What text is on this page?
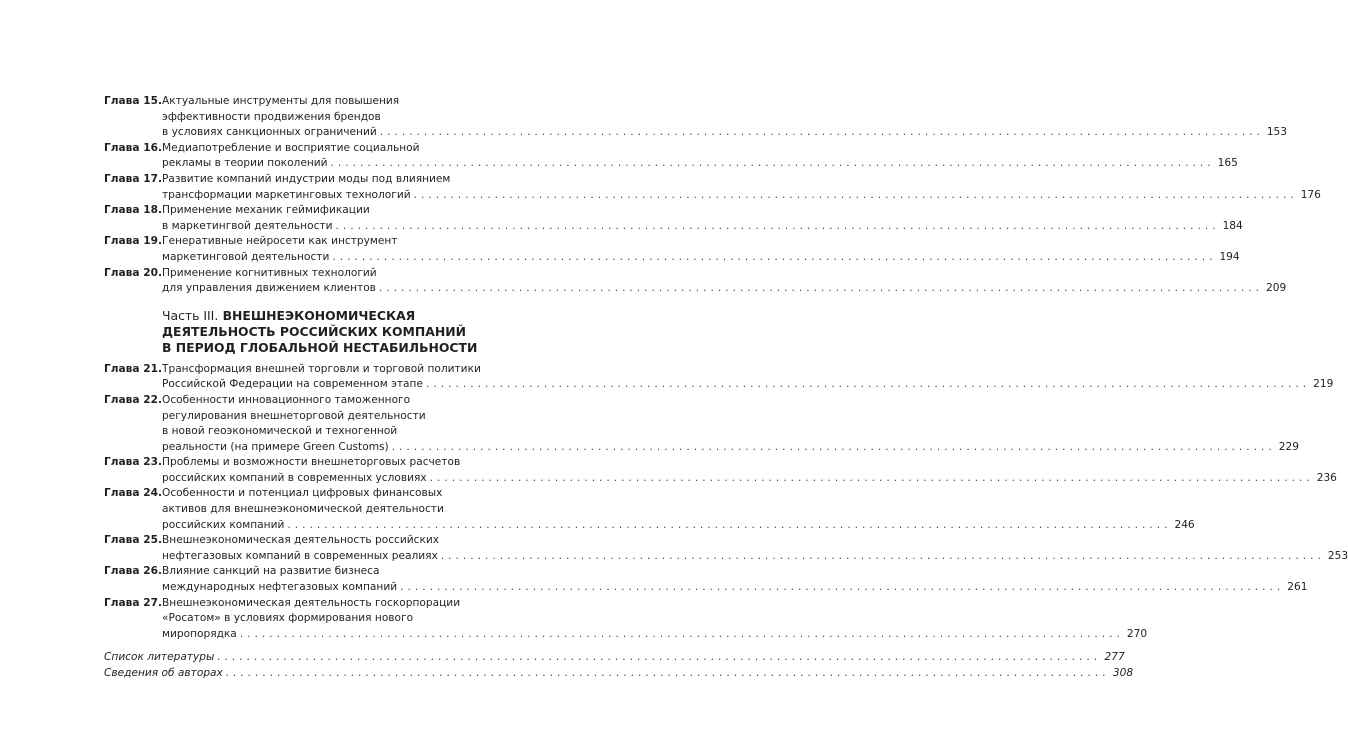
Глава 15. Актуальные инструменты для повышения
эффективности продвижения брендов
в условиях санкционных ограничений ........................................................................................................................ 153
Глава 16. Медиапотребление и восприятие социальной
рекламы в теории поколений ........................................................................................................................ 165
Глава 17. Развитие компаний индустрии моды под влиянием
трансформации маркетинговых технологий ........................................................................................................................ 176
Глава 18. Применение механик геймификации
в маркетингвой деятельности ........................................................................................................................ 184
Глава 19. Генеративные нейросети как инструмент
маркетинговой деятельности ........................................................................................................................ 194
Глава 20. Применение когнитивных технологий
для управления движением клиентов ........................................................................................................................ 209
Часть III. ВНЕШНЕЭКОНОМИЧЕСКАЯ
ДЕЯТЕЛЬНОСТЬ РОССИЙСКИХ КОМПАНИЙ
В ПЕРИОД ГЛОБАЛЬНОЙ НЕСТАБИЛЬНОСТИ
Глава 21. Трансформация внешней торговли и торговой политики
Российской Федерации на современном этапе ........................................................................................................................ 219
Глава 22. Особенности инновационного таможенного
регулирования внешнеторговой деятельности
в новой геоэкономической и техногенной
реальности (на примере Green Customs) ........................................................................................................................ 229
Глава 23. Проблемы и возможности внешнеторговых расчетов
российских компаний в современных условиях ........................................................................................................................ 236
Глава 24. Особенности и потенциал цифровых финансовых
активов для внешнеэкономической деятельности
российских компаний ........................................................................................................................ 246
Глава 25. Внешнеэкономическая деятельность российских
нефтегазовых компаний в современных реалиях ........................................................................................................................ 253
Глава 26. Влияние санкций на развитие бизнеса
международных нефтегазовых компаний ........................................................................................................................ 261
Глава 27. Внешнеэкономическая деятельность госкорпорации
«Росатом» в условиях формирования нового
миропорядка ........................................................................................................................ 270
Список литературы ........................................................................................................................ 277
Сведения об авторах ........................................................................................................................ 308
